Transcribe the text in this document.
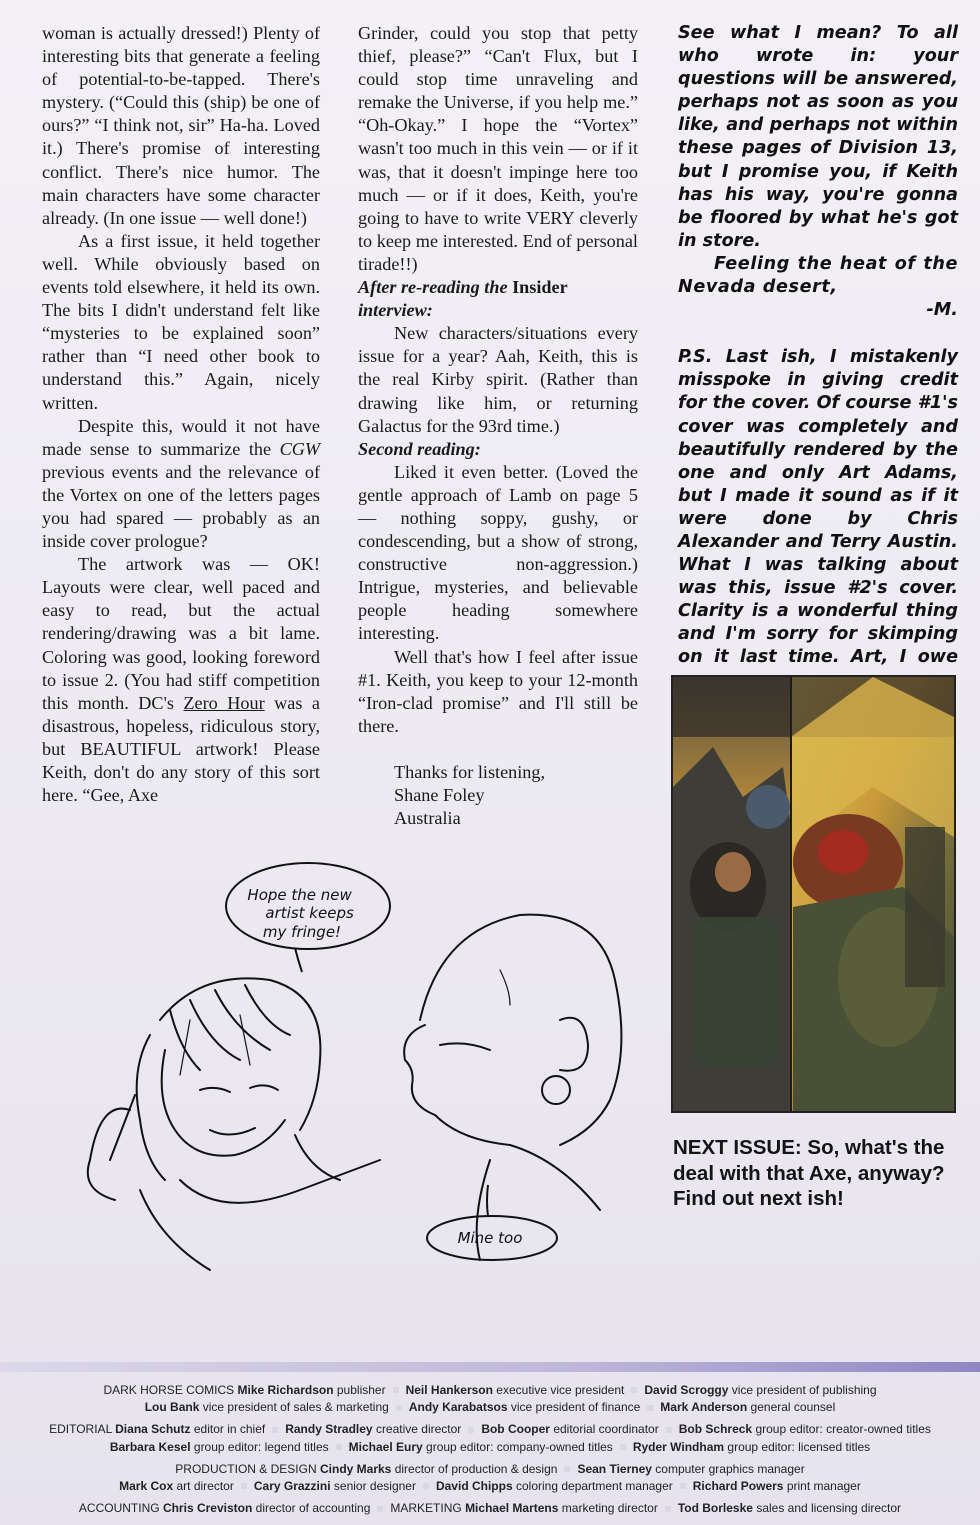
woman is actually dressed!) Plenty of interesting bits that generate a feeling of potential-to-be-tapped. There's mystery. (“Could this (ship) be one of ours?” “I think not, sir” Ha-ha. Loved it.) There's promise of interesting conflict. There's nice humor. The main characters have some character already. (In one issue — well done!)

As a first issue, it held together well. While obviously based on events told elsewhere, it held its own. The bits I didn't understand felt like “mysteries to be explained soon” rather than “I need other book to understand this.” Again, nicely written.

Despite this, would it not have made sense to summarize the CGW previous events and the relevance of the Vortex on one of the letters pages you had spared — probably as an inside cover prologue?

The artwork was — OK! Layouts were clear, well paced and easy to read, but the actual rendering/drawing was a bit lame. Coloring was good, looking foreword to issue 2. (You had stiff competition this month. DC's Zero Hour was a disastrous, hopeless, ridiculous story, but BEAUTIFUL artwork! Please Keith, don't do any story of this sort here. “Gee, Axe

Grinder, could you stop that petty thief, please?” “Can't Flux, but I could stop time unraveling and remake the Universe, if you help me.” “Oh-Okay.” I hope the “Vortex” wasn't too much in this vein — or if it was, that it doesn't impinge here too much — or if it does, Keith, you're going to have to write VERY cleverly to keep me interested. End of personal tirade!!)

After re-reading the Insider interview:

New characters/situations every issue for a year? Aah, Keith, this is the real Kirby spirit. (Rather than drawing like him, or returning Galactus for the 93rd time.)

Second reading:

Liked it even better. (Loved the gentle approach of Lamb on page 5 — nothing soppy, gushy, or condescending, but a show of strong, constructive non-aggression.) Intrigue, mysteries, and believable people heading somewhere interesting.

Well that's how I feel after issue #1. Keith, you keep to your 12-month “Iron-clad promise” and I'll still be there.

Thanks for listening,

Shane Foley

Australia

See what I mean? To all who wrote in: your questions will be answered, perhaps not as soon as you like, and perhaps not within these pages of Division 13, but I promise you, if Keith has his way, you're gonna be floored by what he's got in store.

Feeling the heat of the Nevada desert,

-M.

P.S. Last ish, I mistakenly misspoke in giving credit for the cover. Of course #1's cover was completely and beautifully rendered by the one and only Art Adams, but I made it sound as if it were done by Chris Alexander and Terry Austin. What I was talking about was this, issue #2's cover. Clarity is a wonderful thing and I'm sorry for skimping on it last time. Art, I owe

NEXT ISSUE: So, what's the deal with that Axe, anyway? Find out next ish!
Hope the new artist keeps my fringe!
Mine too
DARK HORSE COMICS Mike Richardson publisher Neil Hankerson executive vice president David Scroggy vice president of publishing
Lou Bank vice president of sales & marketing Andy Karabatsos vice president of finance Mark Anderson general counsel
EDITORIAL Diana Schutz editor in chief Randy Stradley creative director Bob Cooper editorial coordinator Bob Schreck group editor: creator-owned titles
Barbara Kesel group editor: legend titles Michael Eury group editor: company-owned titles Ryder Windham group editor: licensed titles
PRODUCTION & DESIGN Cindy Marks director of production & design Sean Tierney computer graphics manager
Mark Cox art director Cary Grazzini senior designer David Chipps coloring department manager Richard Powers print manager
ACCOUNTING Chris Creviston director of accounting MARKETING Michael Martens marketing director Tod Borleske sales and licensing director
